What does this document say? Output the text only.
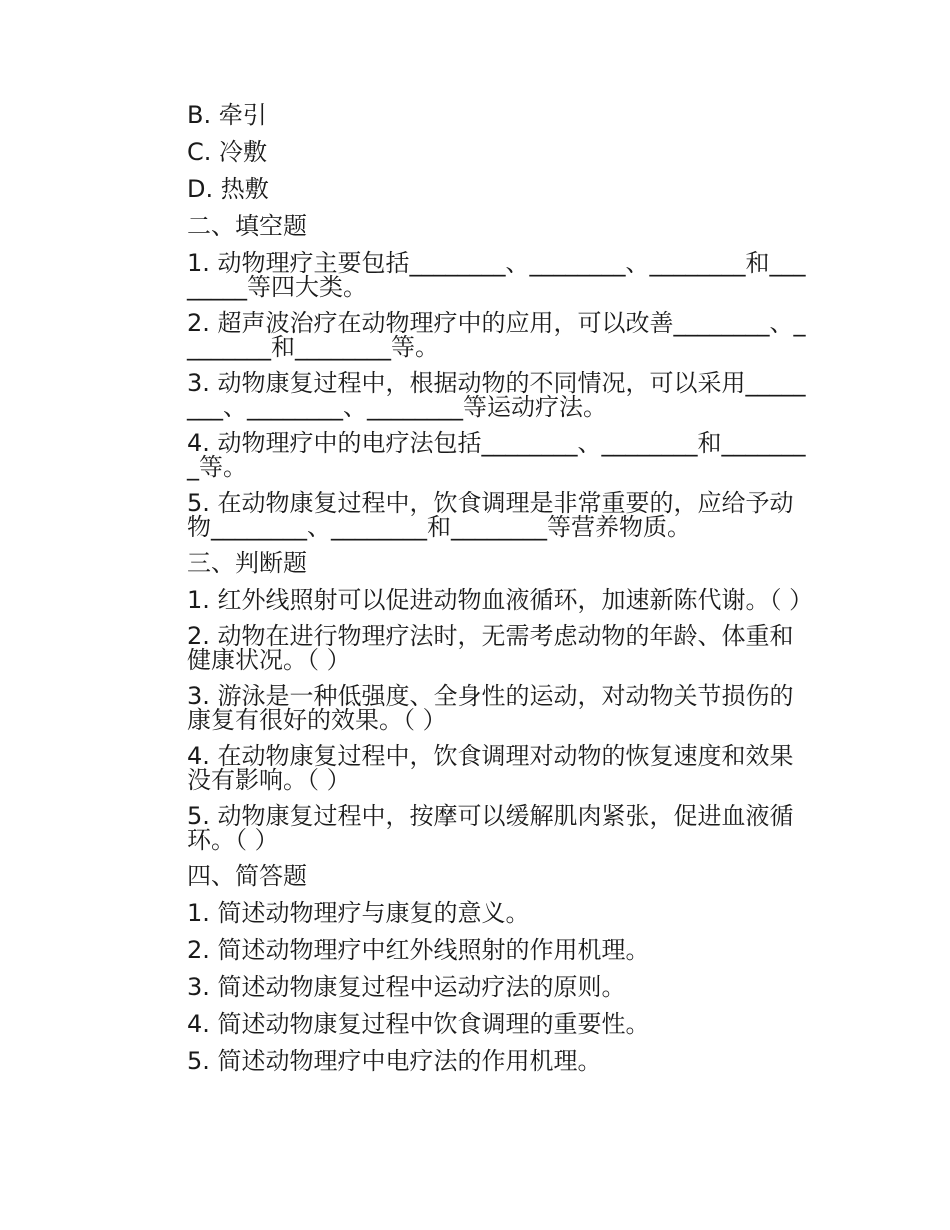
B. 牵引
C. 冷敷
D. 热敷
二、填空题
1. 动物理疗主要包括________、________、________和________等四大类。
2. 超声波治疗在动物理疗中的应用，可以改善________、________和________等。
3. 动物康复过程中，根据动物的不同情况，可以采用________、________、________等运动疗法。
4. 动物理疗中的电疗法包括________、________和________等。
5. 在动物康复过程中，饮食调理是非常重要的，应给予动物________、________和________等营养物质。
三、判断题
1. 红外线照射可以促进动物血液循环，加速新陈代谢。（ ）
2. 动物在进行物理疗法时，无需考虑动物的年龄、体重和健康状况。（ ）
3. 游泳是一种低强度、全身性的运动，对动物关节损伤的康复有很好的效果。（ ）
4. 在动物康复过程中，饮食调理对动物的恢复速度和效果没有影响。（ ）
5. 动物康复过程中，按摩可以缓解肌肉紧张，促进血液循环。（ ）
四、简答题
1. 简述动物理疗与康复的意义。
2. 简述动物理疗中红外线照射的作用机理。
3. 简述动物康复过程中运动疗法的原则。
4. 简述动物康复过程中饮食调理的重要性。
5. 简述动物理疗中电疗法的作用机理。
